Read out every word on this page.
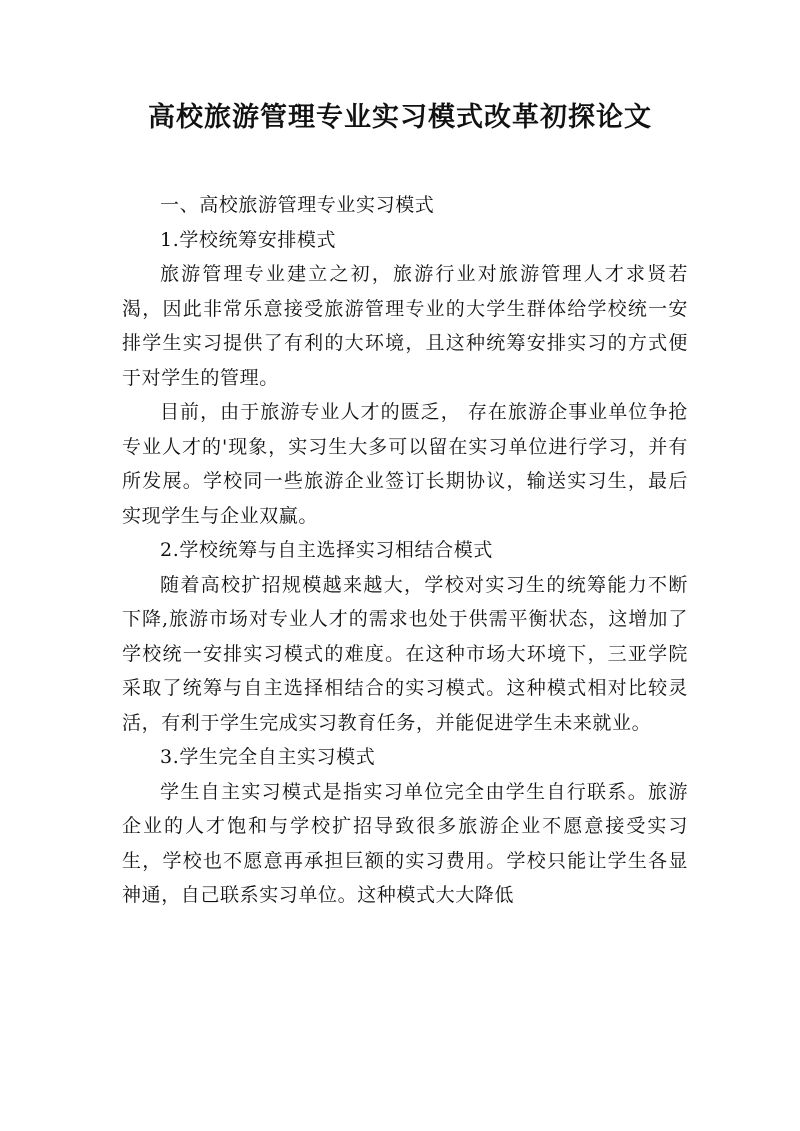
高校旅游管理专业实习模式改革初探论文

一、高校旅游管理专业实习模式

1.学校统筹安排模式

旅游管理专业建立之初，旅游行业对旅游管理人才求贤若渴，因此非常乐意接受旅游管理专业的大学生群体给学校统一安排学生实习提供了有利的大环境，且这种统筹安排实习的方式便于对学生的管理。

目前，由于旅游专业人才的匮乏， 存在旅游企事业单位争抢专业人才的'现象，实习生大多可以留在实习单位进行学习，并有所发展。学校同一些旅游企业签订长期协议，输送实习生，最后实现学生与企业双赢。

2.学校统筹与自主选择实习相结合模式

随着高校扩招规模越来越大，学校对实习生的统筹能力不断下降,旅游市场对专业人才的需求也处于供需平衡状态，这增加了学校统一安排实习模式的难度。在这种市场大环境下，三亚学院采取了统筹与自主选择相结合的实习模式。这种模式相对比较灵活，有利于学生完成实习教育任务，并能促进学生未来就业。

3.学生完全自主实习模式

学生自主实习模式是指实习单位完全由学生自行联系。旅游企业的人才饱和与学校扩招导致很多旅游企业不愿意接受实习生，学校也不愿意再承担巨额的实习费用。学校只能让学生各显神通，自己联系实习单位。这种模式大大降低
